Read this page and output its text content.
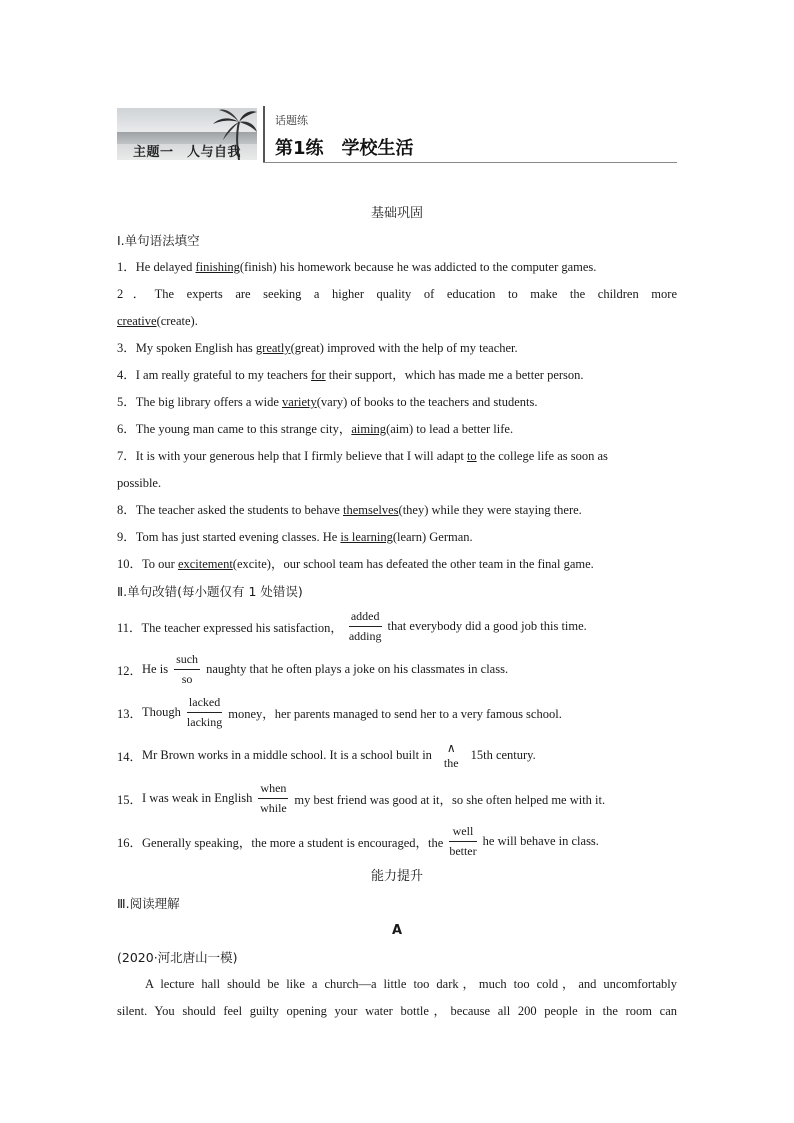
主题一　人与自我
话题练
第1练　学校生活
基础巩固
Ⅰ.单句语法填空
1．He delayed finishing(finish) his homework because he was addicted to the computer games.
2．The experts are seeking a higher quality of education to make the children more
creative(create).
3．My spoken English has greatly(great) improved with the help of my teacher.
4．I am really grateful to my teachers for their support，which has made me a better person.
5．The big library offers a wide variety(vary) of books to the teachers and students.
6．The young man came to this strange city，aiming(aim) to lead a better life.
7．It is with your generous help that I firmly believe that I will adapt to the college life as soon as
possible.
8．The teacher asked the students to behave themselves(they) while they were staying there.
9．Tom has just started evening classes. He is learning(learn) German.
10．To our excitement(excite)，our school team has defeated the other team in the final game.
Ⅱ.单句改错(每小题仅有 1 处错误)
11． The teacher expressed his satisfaction， $\frac{\text{added}}{\text{adding}}$ that everybody did a good job this time.
12． He is $\frac{\text{such}}{so}$ naughty that he often plays a joke on his classmates in class.
13． Though $\frac{\text{lacked}}{\text{lacking}}$ money，her parents managed to send her to a very famous school.
14． Mr Brown works in a middle school. It is a school built in
∧
the
15th century.
15． I was weak in English $\frac{\text{when}}{\text{while}}$ my best friend was good at it，so she often helped me with it.
16． Generally speaking，the more a student is encouraged，the $\frac{\text{well}}{\text{better}}$ he will behave in class.
能力提升
Ⅲ.阅读理解
A
(2020·河北唐山一模)
A lecture hall should be like a church—a little too dark，much too cold，and uncomfortably
silent. You should feel guilty opening your water bottle，because all 200 people in the room can
